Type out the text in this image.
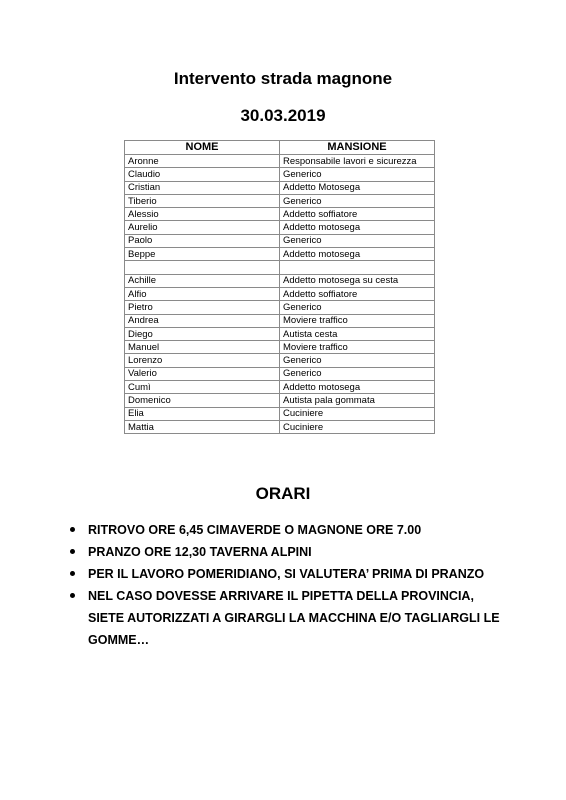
Intervento strada magnone
30.03.2019
NOME	MANSIONE
Aronne	Responsabile lavori e sicurezza
Claudio	Generico
Cristian	Addetto Motosega
Tiberio	Generico
Alessio	Addetto soffiatore
Aurelio	Addetto motosega
Paolo	Generico
Beppe	Addetto motosega

Achille	Addetto motosega su cesta
Alfio	Addetto soffiatore
Pietro	Generico
Andrea	Moviere traffico
Diego	Autista cesta
Manuel	Moviere traffico
Lorenzo	Generico
Valerio	Generico
Cumì	Addetto motosega
Domenico	Autista pala gommata
Elia	Cuciniere
Mattia	Cuciniere
ORARI
RITROVO ORE 6,45 CIMAVERDE O MAGNONE ORE 7.00
PRANZO ORE 12,30 TAVERNA ALPINI
PER IL LAVORO POMERIDIANO, SI VALUTERA’ PRIMA DI PRANZO
NEL CASO DOVESSE ARRIVARE IL PIPETTA DELLA PROVINCIA, SIETE AUTORIZZATI A GIRARGLI LA MACCHINA E/O TAGLIARGLI LE GOMME…
